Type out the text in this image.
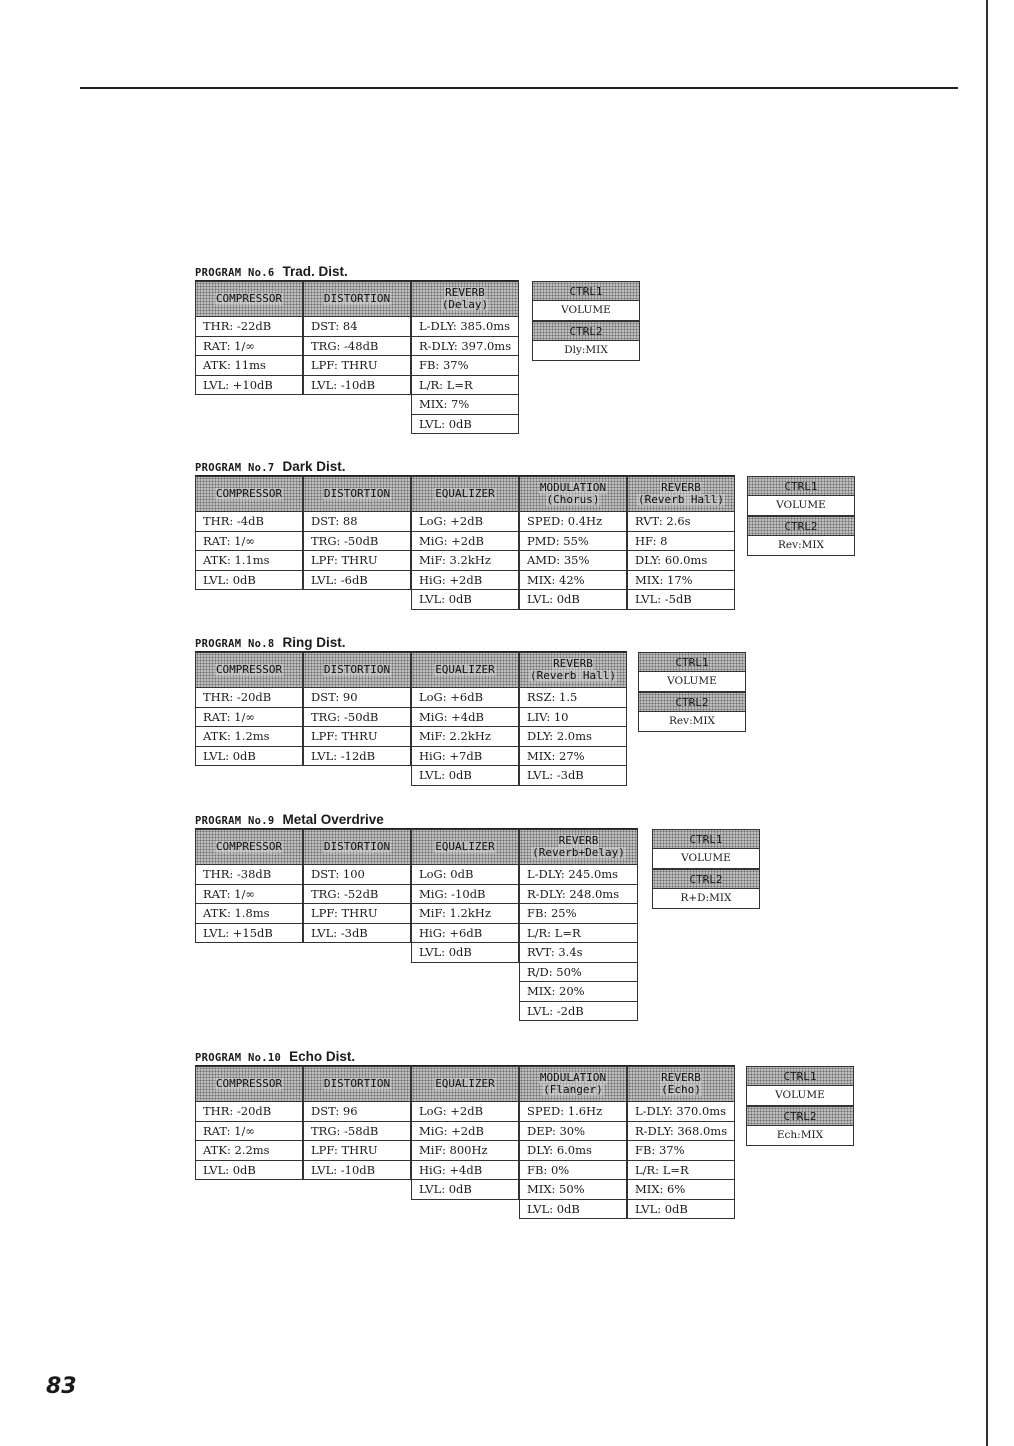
PROGRAM No.6 Trad. Dist.
COMPRESSOR
THR: -22dB
RAT: 1/∞
ATK: 11ms
LVL: +10dB
DISTORTION
DST: 84
TRG: -48dB
LPF: THRU
LVL: -10dB
REVERB
(Delay)
L-DLY: 385.0ms
R-DLY: 397.0ms
FB: 37%
L/R: L=R
MIX: 7%
LVL: 0dB
CTRL1
VOLUME
CTRL2
Dly:MIX
PROGRAM No.7 Dark Dist.
COMPRESSOR
THR: -4dB
RAT: 1/∞
ATK: 1.1ms
LVL: 0dB
DISTORTION
DST: 88
TRG: -50dB
LPF: THRU
LVL: -6dB
EQUALIZER
LoG: +2dB
MiG: +2dB
MiF: 3.2kHz
HiG: +2dB
LVL: 0dB
MODULATION
(Chorus)
SPED: 0.4Hz
PMD: 55%
AMD: 35%
MIX: 42%
LVL: 0dB
REVERB
(Reverb Hall)
RVT: 2.6s
HF: 8
DLY: 60.0ms
MIX: 17%
LVL: -5dB
CTRL1
VOLUME
CTRL2
Rev:MIX
PROGRAM No.8 Ring Dist.
COMPRESSOR
THR: -20dB
RAT: 1/∞
ATK: 1.2ms
LVL: 0dB
DISTORTION
DST: 90
TRG: -50dB
LPF: THRU
LVL: -12dB
EQUALIZER
LoG: +6dB
MiG: +4dB
MiF: 2.2kHz
HiG: +7dB
LVL: 0dB
REVERB
(Reverb Hall)
RSZ: 1.5
LIV: 10
DLY: 2.0ms
MIX: 27%
LVL: -3dB
CTRL1
VOLUME
CTRL2
Rev:MIX
PROGRAM No.9 Metal Overdrive
COMPRESSOR
THR: -38dB
RAT: 1/∞
ATK: 1.8ms
LVL: +15dB
DISTORTION
DST: 100
TRG: -52dB
LPF: THRU
LVL: -3dB
EQUALIZER
LoG: 0dB
MiG: -10dB
MiF: 1.2kHz
HiG: +6dB
LVL: 0dB
REVERB
(Reverb+Delay)
L-DLY: 245.0ms
R-DLY: 248.0ms
FB: 25%
L/R: L=R
RVT: 3.4s
R/D: 50%
MIX: 20%
LVL: -2dB
CTRL1
VOLUME
CTRL2
R+D:MIX
PROGRAM No.10 Echo Dist.
COMPRESSOR
THR: -20dB
RAT: 1/∞
ATK: 2.2ms
LVL: 0dB
DISTORTION
DST: 96
TRG: -58dB
LPF: THRU
LVL: -10dB
EQUALIZER
LoG: +2dB
MiG: +2dB
MiF: 800Hz
HiG: +4dB
LVL: 0dB
MODULATION
(Flanger)
SPED: 1.6Hz
DEP: 30%
DLY: 6.0ms
FB: 0%
MIX: 50%
LVL: 0dB
REVERB
(Echo)
L-DLY: 370.0ms
R-DLY: 368.0ms
FB: 37%
L/R: L=R
MIX: 6%
LVL: 0dB
CTRL1
VOLUME
CTRL2
Ech:MIX
83
